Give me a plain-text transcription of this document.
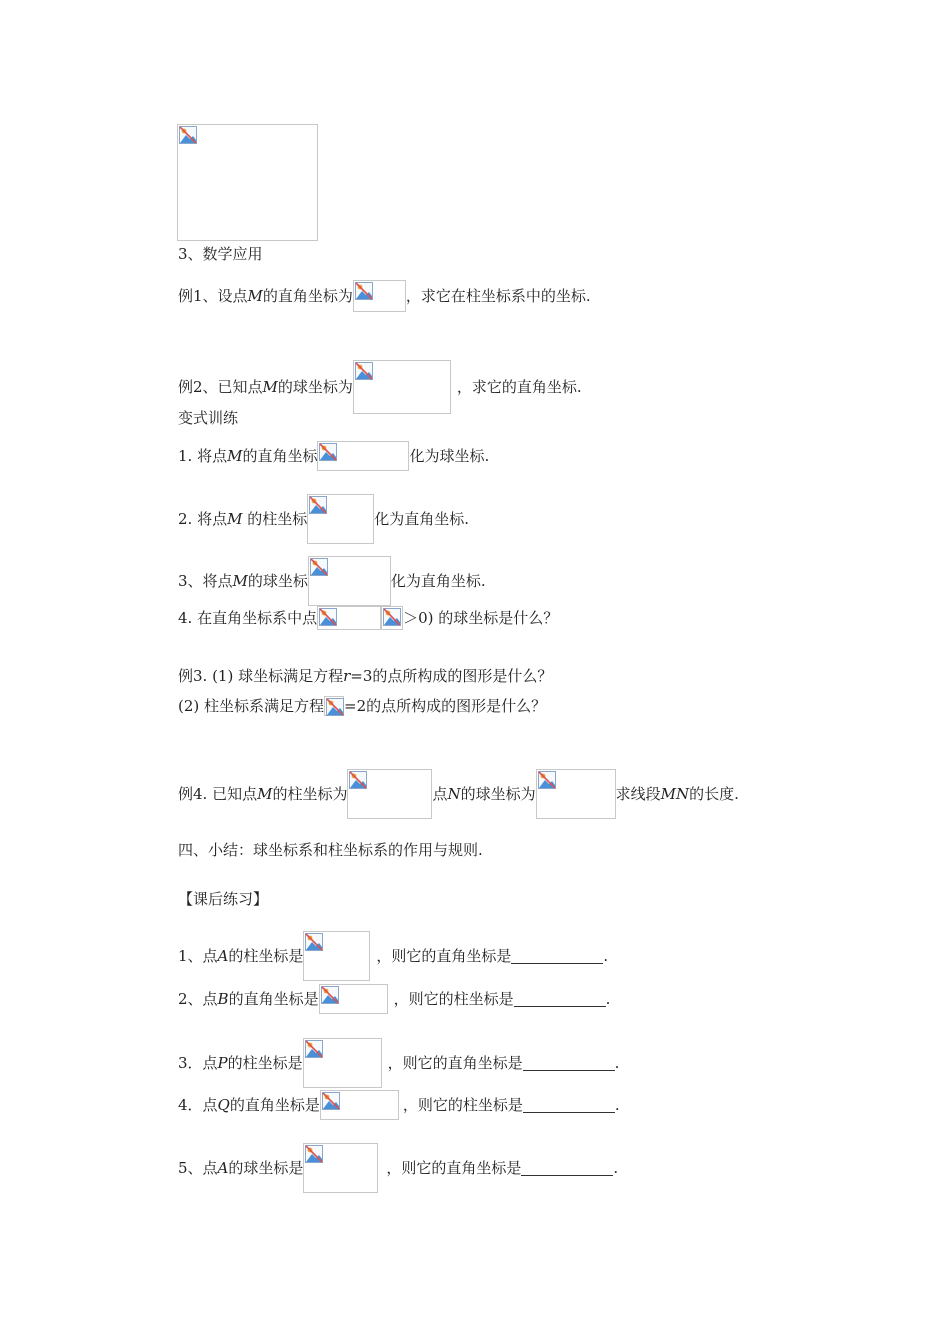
3、数学应用
例1、设点M的直角坐标为	，求它在柱坐标系中的坐标.
例2、已知点M的球坐标为	，求它的直角坐标.
变式训练
1. 将点M的直角坐标	化为球坐标.
2. 将点M 的柱坐标	化为直角坐标.
3、将点M的球坐标	化为直角坐标.
4. 在直角坐标系中点	＞0) 的球坐标是什么？
例3. (1) 球坐标满足方程r=3的点所构成的图形是什么？
(2) 柱坐标系满足方程 =2的点所构成的图形是什么？
例4. 已知点M的柱坐标为	点N的球坐标为	求线段MN的长度.
四、小结：球坐标系和柱坐标系的作用与规则.
【课后练习】
1、点A的柱坐标是	，则它的直角坐标是	.
2、点B的直角坐标是	，则它的柱坐标是	.
3．点P的柱坐标是	，则它的直角坐标是	.
4．点Q的直角坐标是	，则它的柱坐标是	.
5、点A的球坐标是	，则它的直角坐标是	.
